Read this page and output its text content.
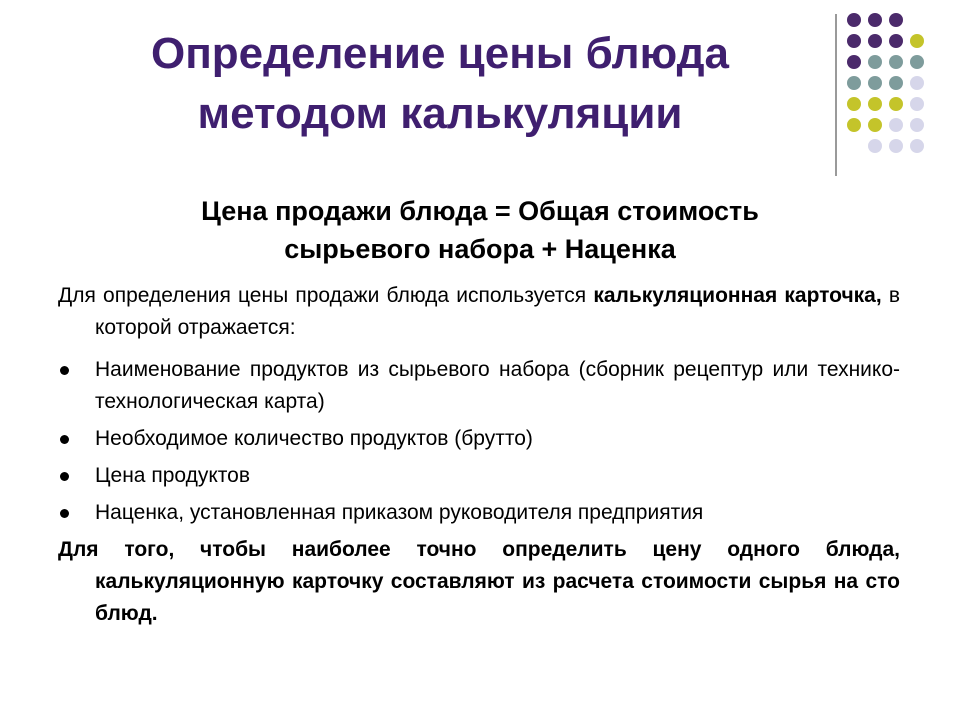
Определение цены блюда
методом калькуляции
Цена продажи блюда = Общая стоимость
сырьевого набора + Наценка

Для определения цены продажи блюда используется калькуляционная карточка, в которой отражается:

Наименование продуктов из сырьевого набора (сборник рецептур или технико-технологическая карта)
Необходимое количество продуктов (брутто)
Цена продуктов
Наценка, установленная приказом руководителя предприятия

Для того, чтобы наиболее точно определить цену одного блюда, калькуляционную карточку составляют из расчета стоимости сырья на сто блюд.
